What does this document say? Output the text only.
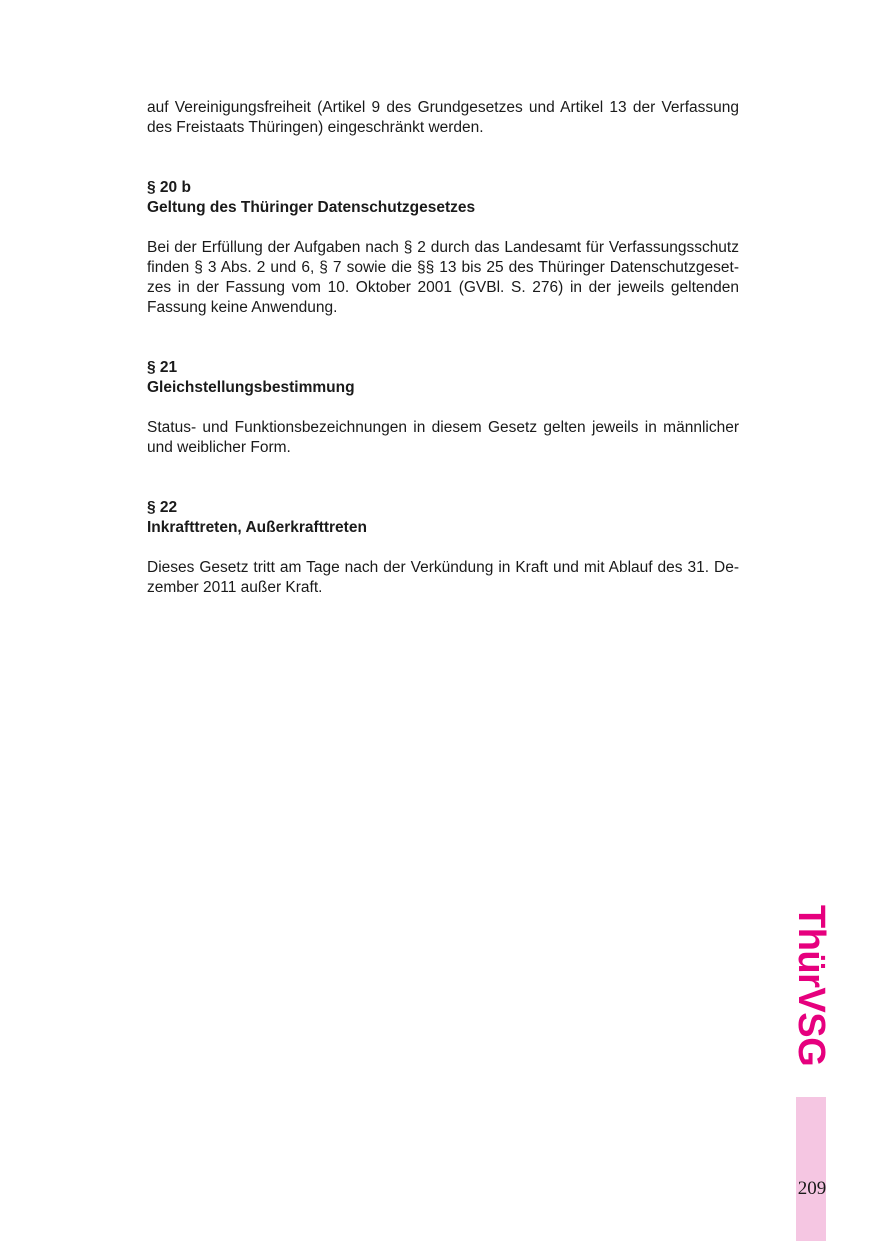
auf Vereinigungsfreiheit (Artikel 9 des Grundgesetzes und Artikel 13 der Verfassung
des Freistaats Thüringen) eingeschränkt werden.

§ 20 b
Geltung des Thüringer Datenschutzgesetzes

Bei der Erfüllung der Aufgaben nach § 2 durch das Landesamt für Verfassungsschutz
finden § 3 Abs. 2 und 6, § 7 sowie die §§ 13 bis 25 des Thüringer Datenschutzgeset-
zes in der Fassung vom 10. Oktober 2001 (GVBl. S. 276) in der jeweils geltenden
Fassung keine Anwendung.

§ 21
Gleichstellungsbestimmung

Status- und Funktionsbezeichnungen in diesem Gesetz gelten jeweils in männlicher
und weiblicher Form.

§ 22
Inkrafttreten, Außerkrafttreten

Dieses Gesetz tritt am Tage nach der Verkündung in Kraft und mit Ablauf des 31. De-
zember 2011 außer Kraft.

ThürVSG
209
